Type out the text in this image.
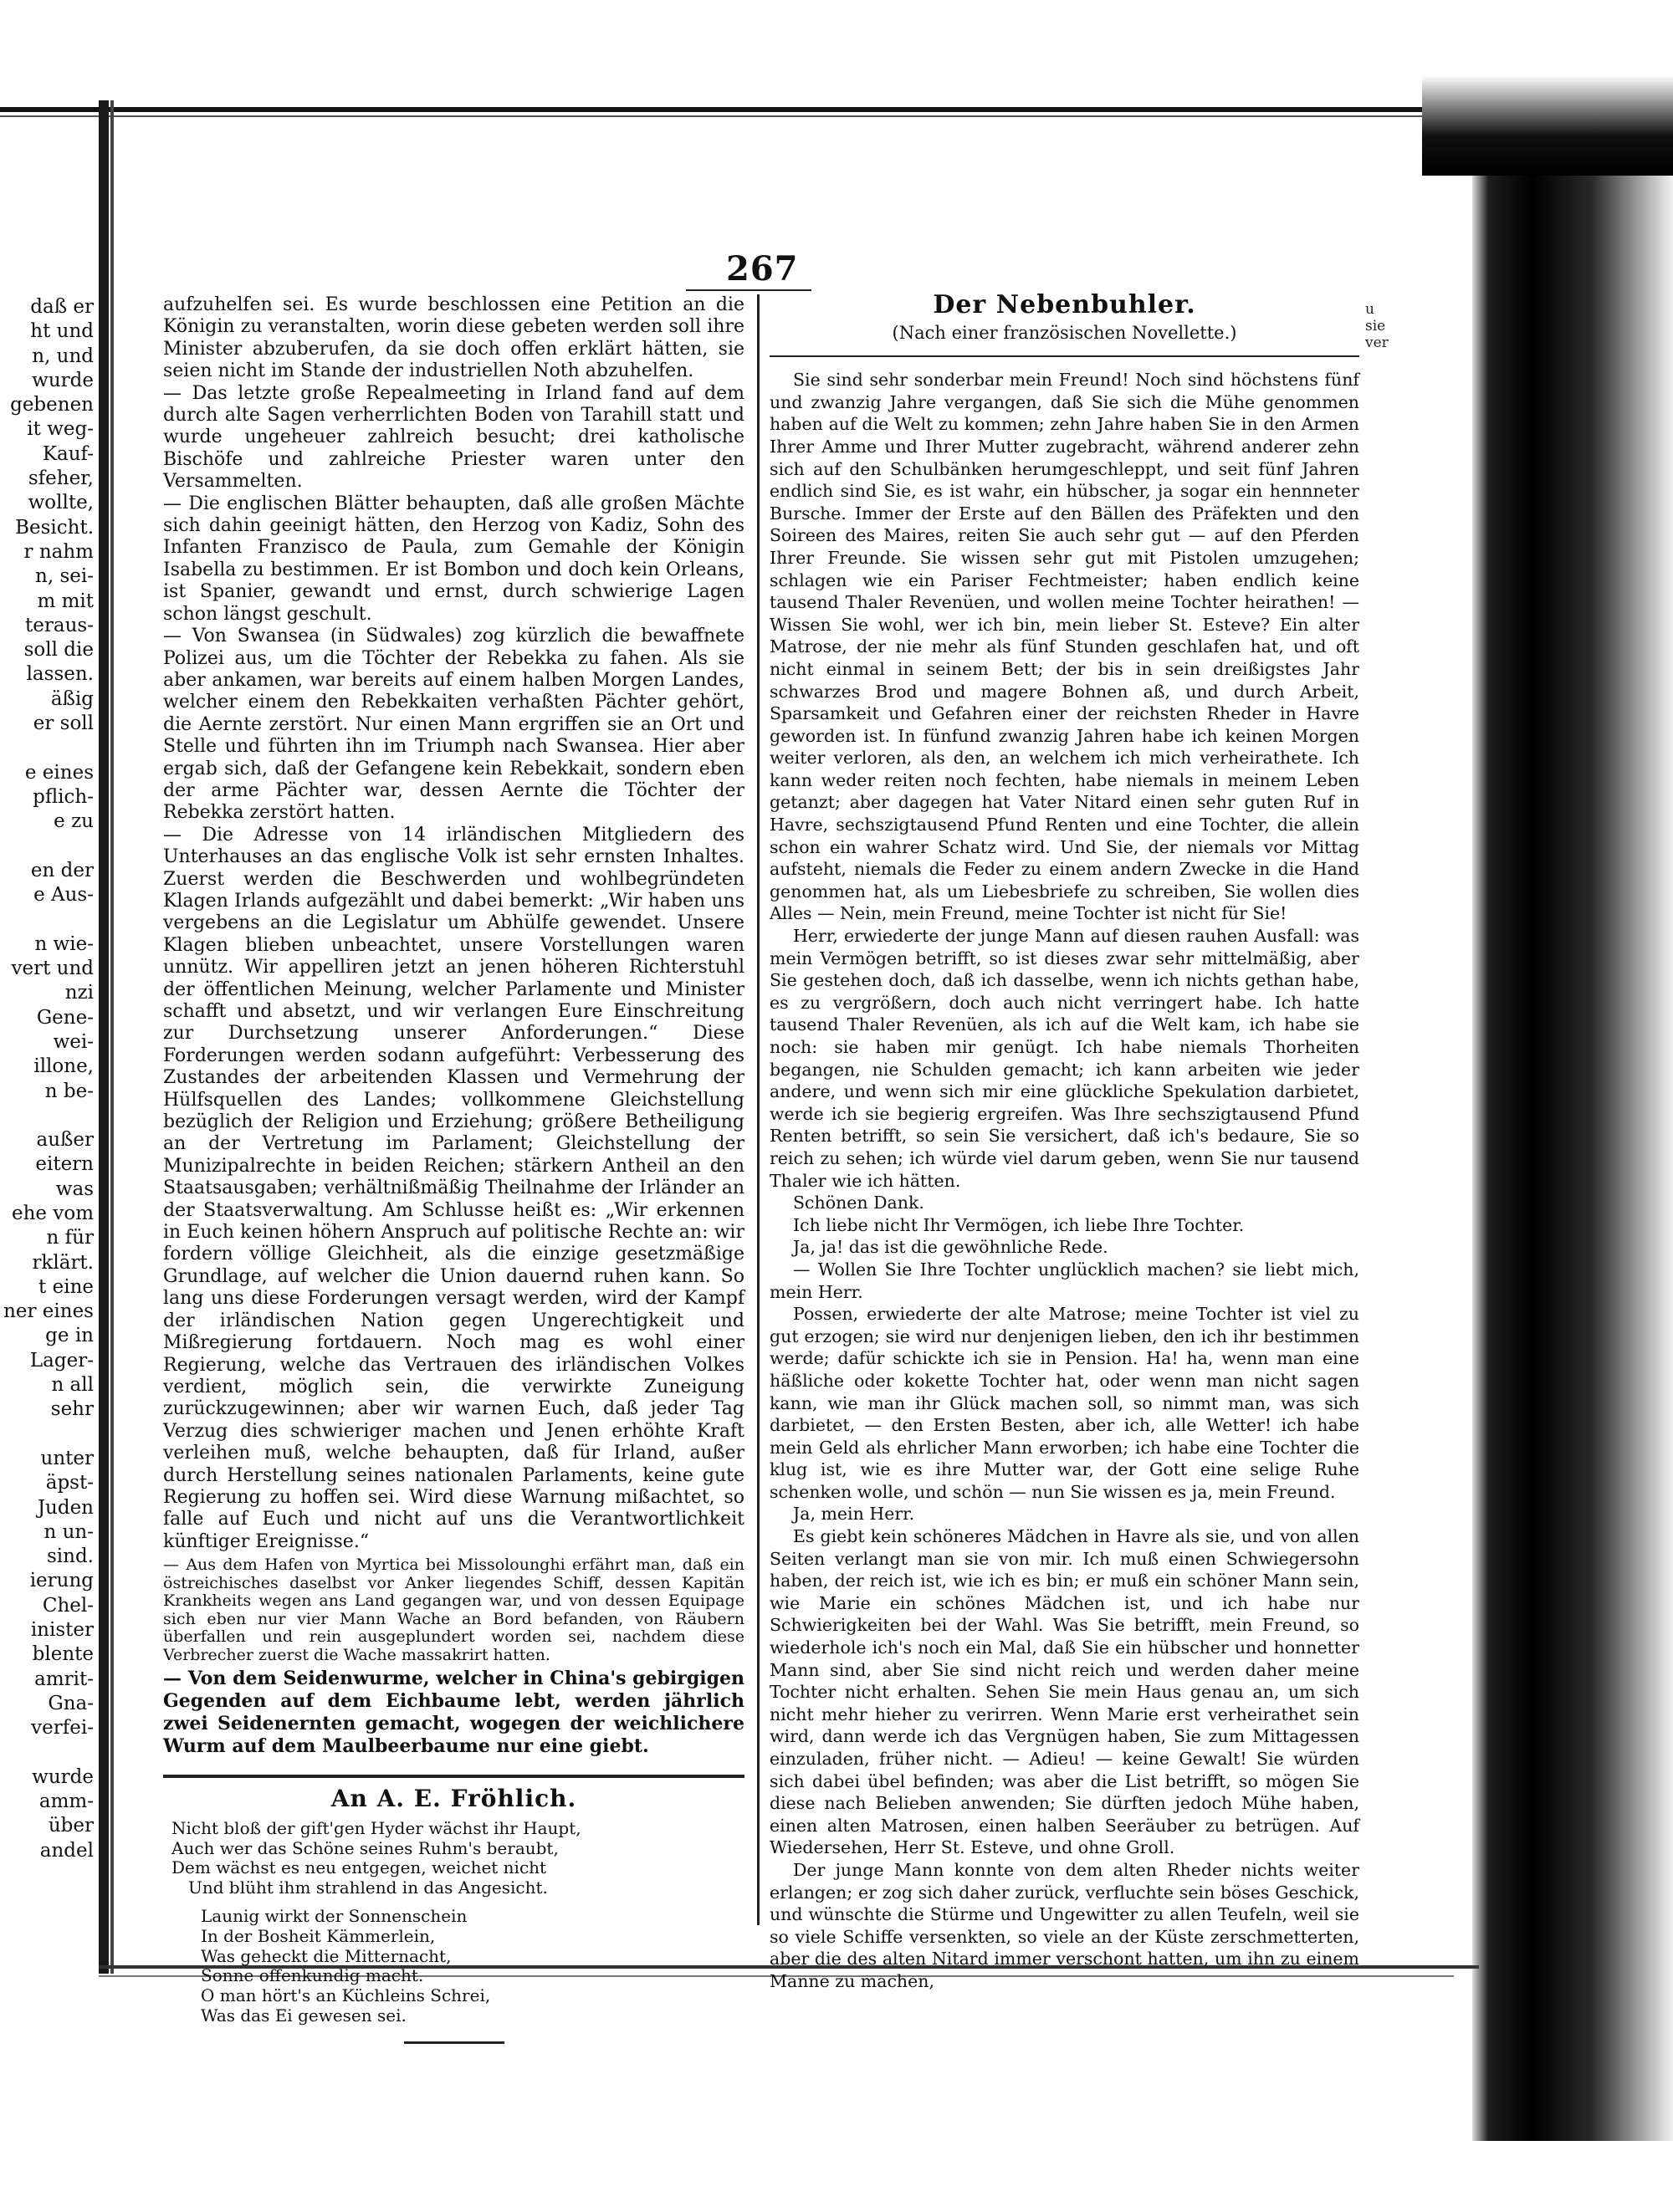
daß er
ht und
n, und
wurde
gebenen
it weg-
Kauf-
sfeher,
wollte,
Besicht.
r nahm
n, sei-
m mit
teraus-
soll die
lassen.
äßig
er soll
e eines
pflich-
e zu
en der
e Aus-
n wie-
vert und
nzi
Gene-
wei-
illone,
n be-
außer
eitern
was
ehe vom
n für
rklärt.
t eine
ner eines
ge in
Lager-
n all
sehr
unter
äpst-
Juden
n un-
sind.
ierung
Chel-
inister
blente
amrit-
Gna-
verfei-
wurde
amm-
über
andel
267

aufzuhelfen sei. Es wurde beschlossen eine Petition an die Königin zu veranstalten, worin diese gebeten werden soll ihre Minister abzuberufen, da sie doch offen erklärt hätten, sie seien nicht im Stande der industriellen Noth abzuhelfen.

— Das letzte große Repealmeeting in Irland fand auf dem durch alte Sagen verherrlichten Boden von Tarahill statt und wurde ungeheuer zahlreich besucht; drei katholische Bischöfe und zahlreiche Priester waren unter den Versammelten.

— Die englischen Blätter behaupten, daß alle großen Mächte sich dahin geeinigt hätten, den Herzog von Kadiz, Sohn des Infanten Franzisco de Paula, zum Gemahle der Königin Isabella zu bestimmen. Er ist Bombon und doch kein Orleans, ist Spanier, gewandt und ernst, durch schwierige Lagen schon längst geschult.

— Von Swansea (in Südwales) zog kürzlich die bewaffnete Polizei aus, um die Töchter der Rebekka zu fahen. Als sie aber ankamen, war bereits auf einem halben Morgen Landes, welcher einem den Rebekkaiten verhaßten Pächter gehört, die Aernte zerstört. Nur einen Mann ergriffen sie an Ort und Stelle und führten ihn im Triumph nach Swansea. Hier aber ergab sich, daß der Gefangene kein Rebekkait, sondern eben der arme Pächter war, dessen Aernte die Töchter der Rebekka zerstört hatten.

— Die Adresse von 14 irländischen Mitgliedern des Unterhauses an das englische Volk ist sehr ernsten Inhaltes. Zuerst werden die Beschwerden und wohlbegründeten Klagen Irlands aufgezählt und dabei bemerkt: „Wir haben uns vergebens an die Legislatur um Abhülfe gewendet. Unsere Klagen blieben unbeachtet, unsere Vorstellungen waren unnütz. Wir appelliren jetzt an jenen höheren Richterstuhl der öffentlichen Meinung, welcher Parlamente und Minister schafft und absetzt, und wir verlangen Eure Einschreitung zur Durchsetzung unserer Anforderungen.“ Diese Forderungen werden sodann aufgeführt: Verbesserung des Zustandes der arbeitenden Klassen und Vermehrung der Hülfsquellen des Landes; vollkommene Gleichstellung bezüglich der Religion und Erziehung; größere Betheiligung an der Vertretung im Parlament; Gleichstellung der Munizipalrechte in beiden Reichen; stärkern Antheil an den Staatsausgaben; verhältnißmäßig Theilnahme der Irländer an der Staatsverwaltung. Am Schlusse heißt es: „Wir erkennen in Euch keinen höhern Anspruch auf politische Rechte an: wir fordern völlige Gleichheit, als die einzige gesetzmäßige Grundlage, auf welcher die Union dauernd ruhen kann. So lang uns diese Forderungen versagt werden, wird der Kampf der irländischen Nation gegen Ungerechtigkeit und Mißregierung fortdauern. Noch mag es wohl einer Regierung, welche das Vertrauen des irländischen Volkes verdient, möglich sein, die verwirkte Zuneigung zurückzugewinnen; aber wir warnen Euch, daß jeder Tag Verzug dies schwieriger machen und Jenen erhöhte Kraft verleihen muß, welche behaupten, daß für Irland, außer durch Herstellung seines nationalen Parlaments, keine gute Regierung zu hoffen sei. Wird diese Warnung mißachtet, so falle auf Euch und nicht auf uns die Verantwortlichkeit künftiger Ereignisse.“

— Aus dem Hafen von Myrtica bei Missolounghi erfährt man, daß ein östreichisches daselbst vor Anker liegendes Schiff, dessen Kapitän Krankheits wegen ans Land gegangen war, und von dessen Equipage sich eben nur vier Mann Wache an Bord befanden, von Räubern überfallen und rein ausgeplundert worden sei, nachdem diese Verbrecher zuerst die Wache massakrirt hatten.

— Von dem Seidenwurme, welcher in China's gebirgigen Gegenden auf dem Eichbaume lebt, werden jährlich zwei Seidenernten gemacht, wogegen der weichlichere Wurm auf dem Maulbeerbaume nur eine giebt.

An A. E. Fröhlich.
Nicht bloß der gift'gen Hyder wächst ihr Haupt,
Auch wer das Schöne seines Ruhm's beraubt,
Dem wächst es neu entgegen, weichet nicht
Und blüht ihm strahlend in das Angesicht.
Launig wirkt der Sonnenschein
In der Bosheit Kämmerlein,
Was geheckt die Mitternacht,
Sonne offenkundig macht.
O man hört's an Küchleins Schrei,
Was das Ei gewesen sei.
Der Nebenbuhler.
(Nach einer französischen Novellette.)

Sie sind sehr sonderbar mein Freund! Noch sind höchstens fünf und zwanzig Jahre vergangen, daß Sie sich die Mühe genommen haben auf die Welt zu kommen; zehn Jahre haben Sie in den Armen Ihrer Amme und Ihrer Mutter zugebracht, während anderer zehn sich auf den Schulbänken herumgeschleppt, und seit fünf Jahren endlich sind Sie, es ist wahr, ein hübscher, ja sogar ein hennneter Bursche. Immer der Erste auf den Bällen des Präfekten und den Soireen des Maires, reiten Sie auch sehr gut — auf den Pferden Ihrer Freunde. Sie wissen sehr gut mit Pistolen umzugehen; schlagen wie ein Pariser Fechtmeister; haben endlich keine tausend Thaler Revenüen, und wollen meine Tochter heirathen! — Wissen Sie wohl, wer ich bin, mein lieber St. Esteve? Ein alter Matrose, der nie mehr als fünf Stunden geschlafen hat, und oft nicht einmal in seinem Bett; der bis in sein dreißigstes Jahr schwarzes Brod und magere Bohnen aß, und durch Arbeit, Sparsamkeit und Gefahren einer der reichsten Rheder in Havre geworden ist. In fünfund zwanzig Jahren habe ich keinen Morgen weiter verloren, als den, an welchem ich mich verheirathete. Ich kann weder reiten noch fechten, habe niemals in meinem Leben getanzt; aber dagegen hat Vater Nitard einen sehr guten Ruf in Havre, sechszigtausend Pfund Renten und eine Tochter, die allein schon ein wahrer Schatz wird. Und Sie, der niemals vor Mittag aufsteht, niemals die Feder zu einem andern Zwecke in die Hand genommen hat, als um Liebesbriefe zu schreiben, Sie wollen dies Alles — Nein, mein Freund, meine Tochter ist nicht für Sie!

Herr, erwiederte der junge Mann auf diesen rauhen Ausfall: was mein Vermögen betrifft, so ist dieses zwar sehr mittelmäßig, aber Sie gestehen doch, daß ich dasselbe, wenn ich nichts gethan habe, es zu vergrößern, doch auch nicht verringert habe. Ich hatte tausend Thaler Revenüen, als ich auf die Welt kam, ich habe sie noch: sie haben mir genügt. Ich habe niemals Thorheiten begangen, nie Schulden gemacht; ich kann arbeiten wie jeder andere, und wenn sich mir eine glückliche Spekulation darbietet, werde ich sie begierig ergreifen. Was Ihre sechszigtausend Pfund Renten betrifft, so sein Sie versichert, daß ich's bedaure, Sie so reich zu sehen; ich würde viel darum geben, wenn Sie nur tausend Thaler wie ich hätten.

Schönen Dank.

Ich liebe nicht Ihr Vermögen, ich liebe Ihre Tochter.

Ja, ja! das ist die gewöhnliche Rede.

— Wollen Sie Ihre Tochter unglücklich machen? sie liebt mich, mein Herr.

Possen, erwiederte der alte Matrose; meine Tochter ist viel zu gut erzogen; sie wird nur denjenigen lieben, den ich ihr bestimmen werde; dafür schickte ich sie in Pension. Ha! ha, wenn man eine häßliche oder kokette Tochter hat, oder wenn man nicht sagen kann, wie man ihr Glück machen soll, so nimmt man, was sich darbietet, — den Ersten Besten, aber ich, alle Wetter! ich habe mein Geld als ehrlicher Mann erworben; ich habe eine Tochter die klug ist, wie es ihre Mutter war, der Gott eine selige Ruhe schenken wolle, und schön — nun Sie wissen es ja, mein Freund.

Ja, mein Herr.

Es giebt kein schöneres Mädchen in Havre als sie, und von allen Seiten verlangt man sie von mir. Ich muß einen Schwiegersohn haben, der reich ist, wie ich es bin; er muß ein schöner Mann sein, wie Marie ein schönes Mädchen ist, und ich habe nur Schwierigkeiten bei der Wahl. Was Sie betrifft, mein Freund, so wiederhole ich's noch ein Mal, daß Sie ein hübscher und honnetter Mann sind, aber Sie sind nicht reich und werden daher meine Tochter nicht erhalten. Sehen Sie mein Haus genau an, um sich nicht mehr hieher zu verirren. Wenn Marie erst verheirathet sein wird, dann werde ich das Vergnügen haben, Sie zum Mittagessen einzuladen, früher nicht. — Adieu! — keine Gewalt! Sie würden sich dabei übel befinden; was aber die List betrifft, so mögen Sie diese nach Belieben anwenden; Sie dürften jedoch Mühe haben, einen alten Matrosen, einen halben Seeräuber zu betrügen. Auf Wiedersehen, Herr St. Esteve, und ohne Groll.

Der junge Mann konnte von dem alten Rheder nichts weiter erlangen; er zog sich daher zurück, verfluchte sein böses Geschick, und wünschte die Stürme und Ungewitter zu allen Teufeln, weil sie so viele Schiffe versenkten, so viele an der Küste zerschmetterten, aber die des alten Nitard immer verschont hatten, um ihn zu einem Manne zu machen,

u
sie
ver
